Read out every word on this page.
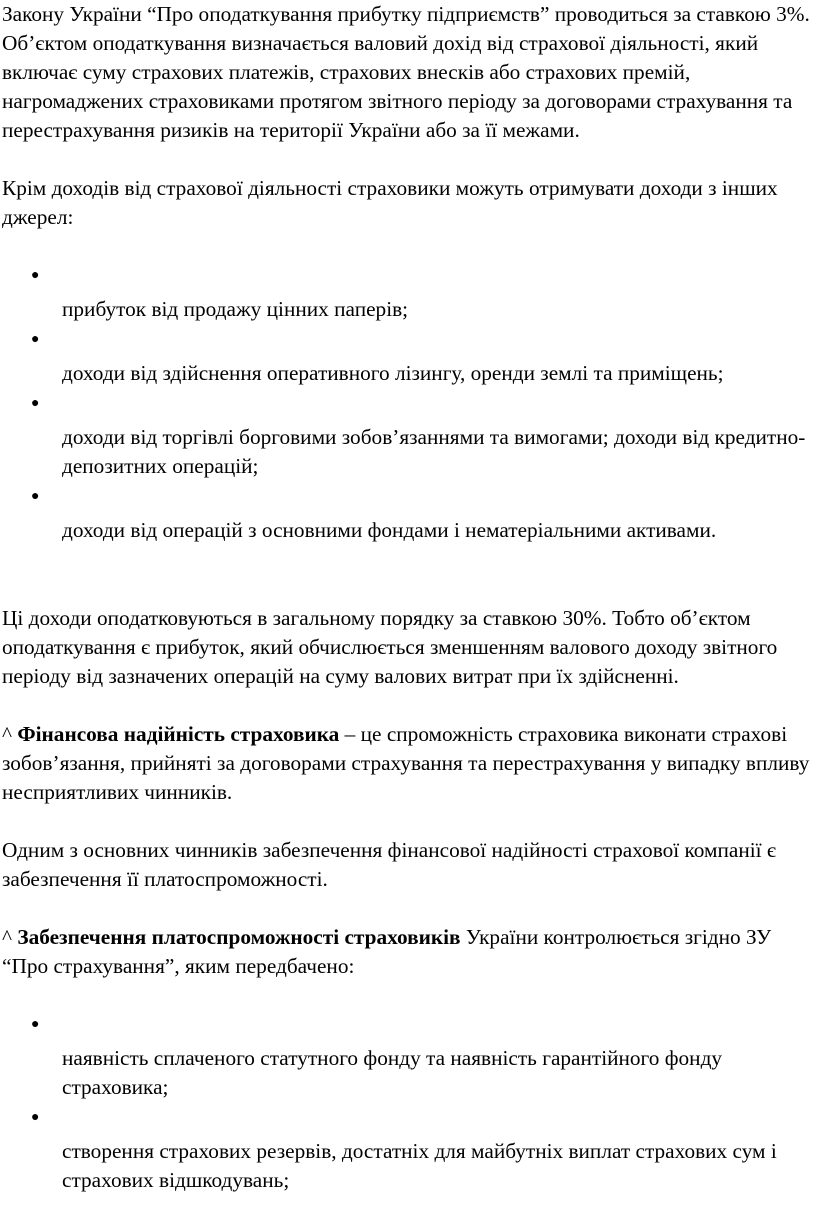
Закону України “Про оподаткування прибутку підприємств” проводиться за ставкою 3%. Об’єктом оподаткування визначається валовий дохід від страхової діяльності, який включає суму страхових платежів, страхових внесків або страхових премій, нагромаджених страховиками протягом звітного періоду за договорами страхування та перестрахування ризиків на території України або за її межами.

Крім доходів від страхової діяльності страховики можуть отримувати доходи з інших джерел:

●
прибуток від продажу цінних паперів;
●
доходи від здійснення оперативного лізингу, оренди землі та приміщень;
●
доходи від торгівлі борговими зобов’язаннями та вимогами; доходи від кредитно-депозитних операцій;
●
доходи від операцій з основними фондами і нематеріальними активами.

Ці доходи оподатковуються в загальному порядку за ставкою 30%. Тобто об’єктом оподаткування є прибуток, який обчислюється зменшенням валового доходу звітного періоду від зазначених операцій на суму валових витрат при їх здійсненні.

^ Фінансова надійність страховика – це спроможність страховика виконати страхові зобов’язання, прийняті за договорами страхування та перестрахування у випадку впливу несприятливих чинників.

Одним з основних чинників забезпечення фінансової надійності страхової компанії є забезпечення її платоспроможності.

^ Забезпечення платоспроможності страховиків України контролюється згідно ЗУ “Про страхування”, яким передбачено:

●
наявність сплаченого статутного фонду та наявність гарантійного фонду страховика;
●
створення страхових резервів, достатніх для майбутніх виплат страхових сум і страхових відшкодувань;
